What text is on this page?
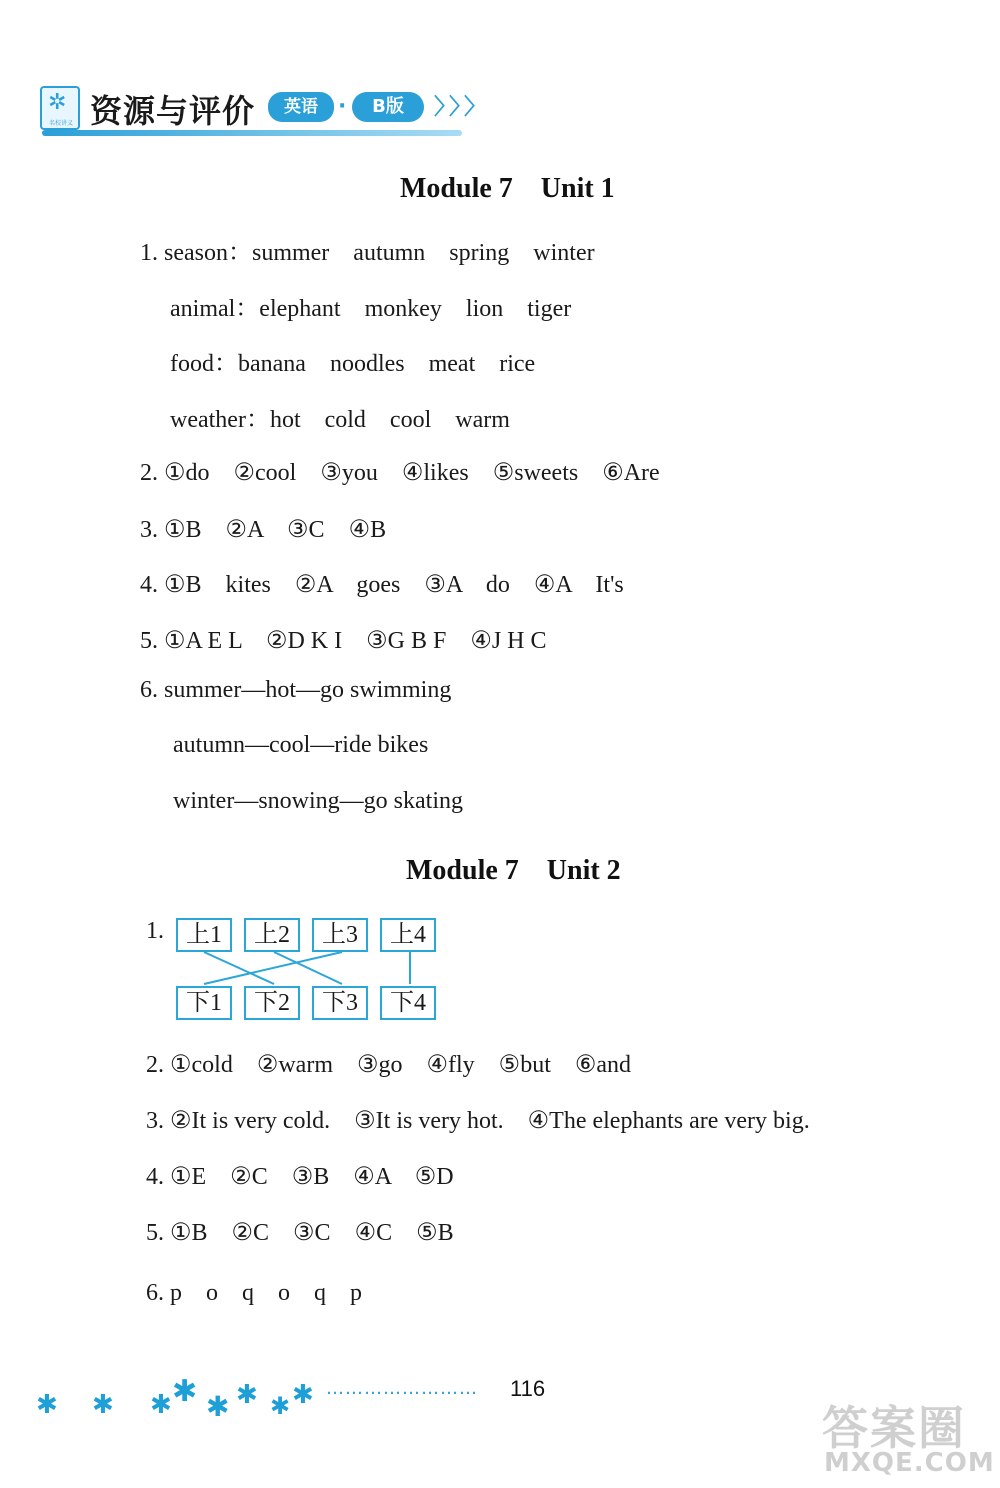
✲
名校讲义 资源与评价	英语 ·	B版	〉〉〉
Module 7　Unit 1
1. season：summer　autumn　spring　winter
animal：elephant　monkey　lion　tiger
food：banana　noodles　meat　rice
weather：hot　cold　cool　warm
2. ①do　②cool　③you　④likes　⑤sweets　⑥Are
3. ①B　②A　③C　④B
4. ①B　kites　②A　goes　③A　do　④A　It's
5. ①A E L　②D K I　③G B F　④J H C
6. summer—hot—go swimming
autumn—cool—ride bikes
winter—snowing—go skating
Module 7　Unit 2
1. 上1	上2	上3	上4
下1	下2	下3	下4
2. ①cold　②warm　③go　④fly　⑤but　⑥and
3. ②It is very cold.　③It is very hot.　④The elephants are very big.
4. ①E　②C　③B　④A　⑤D
5. ①B　②C　③C　④C　⑤B
6. p　o　q　o　q　p
✱ ✱ ✱ ✱ ✱ ✱ ✱ ✱ …………………… 116
答案圈
MXQE.COM
